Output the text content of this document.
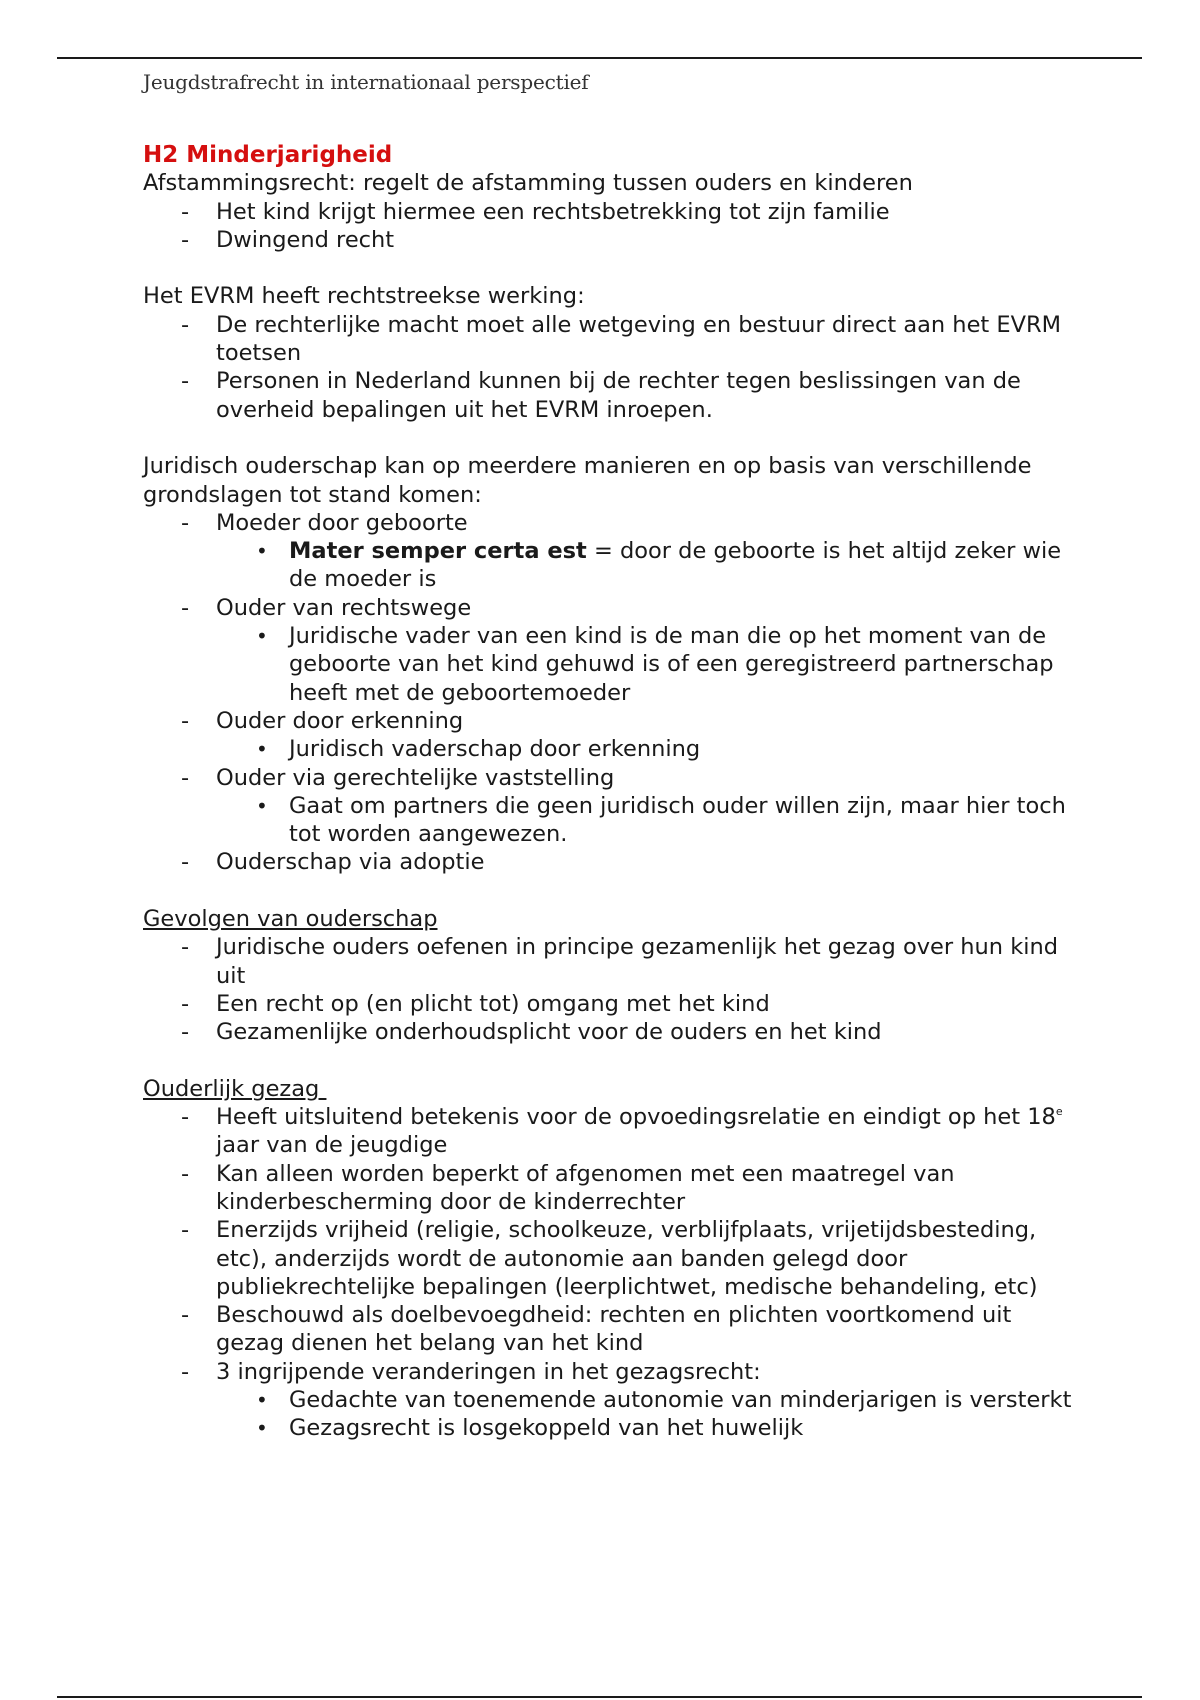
Jeugdstrafrecht in internationaal perspectief

H2 Minderjarigheid

Afstammingsrecht: regelt de afstamming tussen ouders en kinderen

- Het kind krijgt hiermee een rechtsbetrekking tot zijn familie
- Dwingend recht

Het EVRM heeft rechtstreekse werking:

- De rechterlijke macht moet alle wetgeving en bestuur direct aan het EVRM toetsen
- Personen in Nederland kunnen bij de rechter tegen beslissingen van de overheid bepalingen uit het EVRM inroepen.

Juridisch ouderschap kan op meerdere manieren en op basis van verschillende grondslagen tot stand komen:

- Moeder door geboorte
• Mater semper certa est = door de geboorte is het altijd zeker wie de moeder is
- Ouder van rechtswege
• Juridische vader van een kind is de man die op het moment van de geboorte van het kind gehuwd is of een geregistreerd partnerschap heeft met de geboortemoeder
- Ouder door erkenning
• Juridisch vaderschap door erkenning
- Ouder via gerechtelijke vaststelling
• Gaat om partners die geen juridisch ouder willen zijn, maar hier toch tot worden aangewezen.
- Ouderschap via adoptie

Gevolgen van ouderschap

- Juridische ouders oefenen in principe gezamenlijk het gezag over hun kind uit
- Een recht op (en plicht tot) omgang met het kind
- Gezamenlijke onderhoudsplicht voor de ouders en het kind

Ouderlijk gezag

- Heeft uitsluitend betekenis voor de opvoedingsrelatie en eindigt op het 18e jaar van de jeugdige
- Kan alleen worden beperkt of afgenomen met een maatregel van kinderbescherming door de kinderrechter
- Enerzijds vrijheid (religie, schoolkeuze, verblijfplaats, vrijetijdsbesteding, etc), anderzijds wordt de autonomie aan banden gelegd door publiekrechtelijke bepalingen (leerplichtwet, medische behandeling, etc)
- Beschouwd als doelbevoegdheid: rechten en plichten voortkomend uit gezag dienen het belang van het kind
- 3 ingrijpende veranderingen in het gezagsrecht:
• Gedachte van toenemende autonomie van minderjarigen is versterkt
• Gezagsrecht is losgekoppeld van het huwelijk
